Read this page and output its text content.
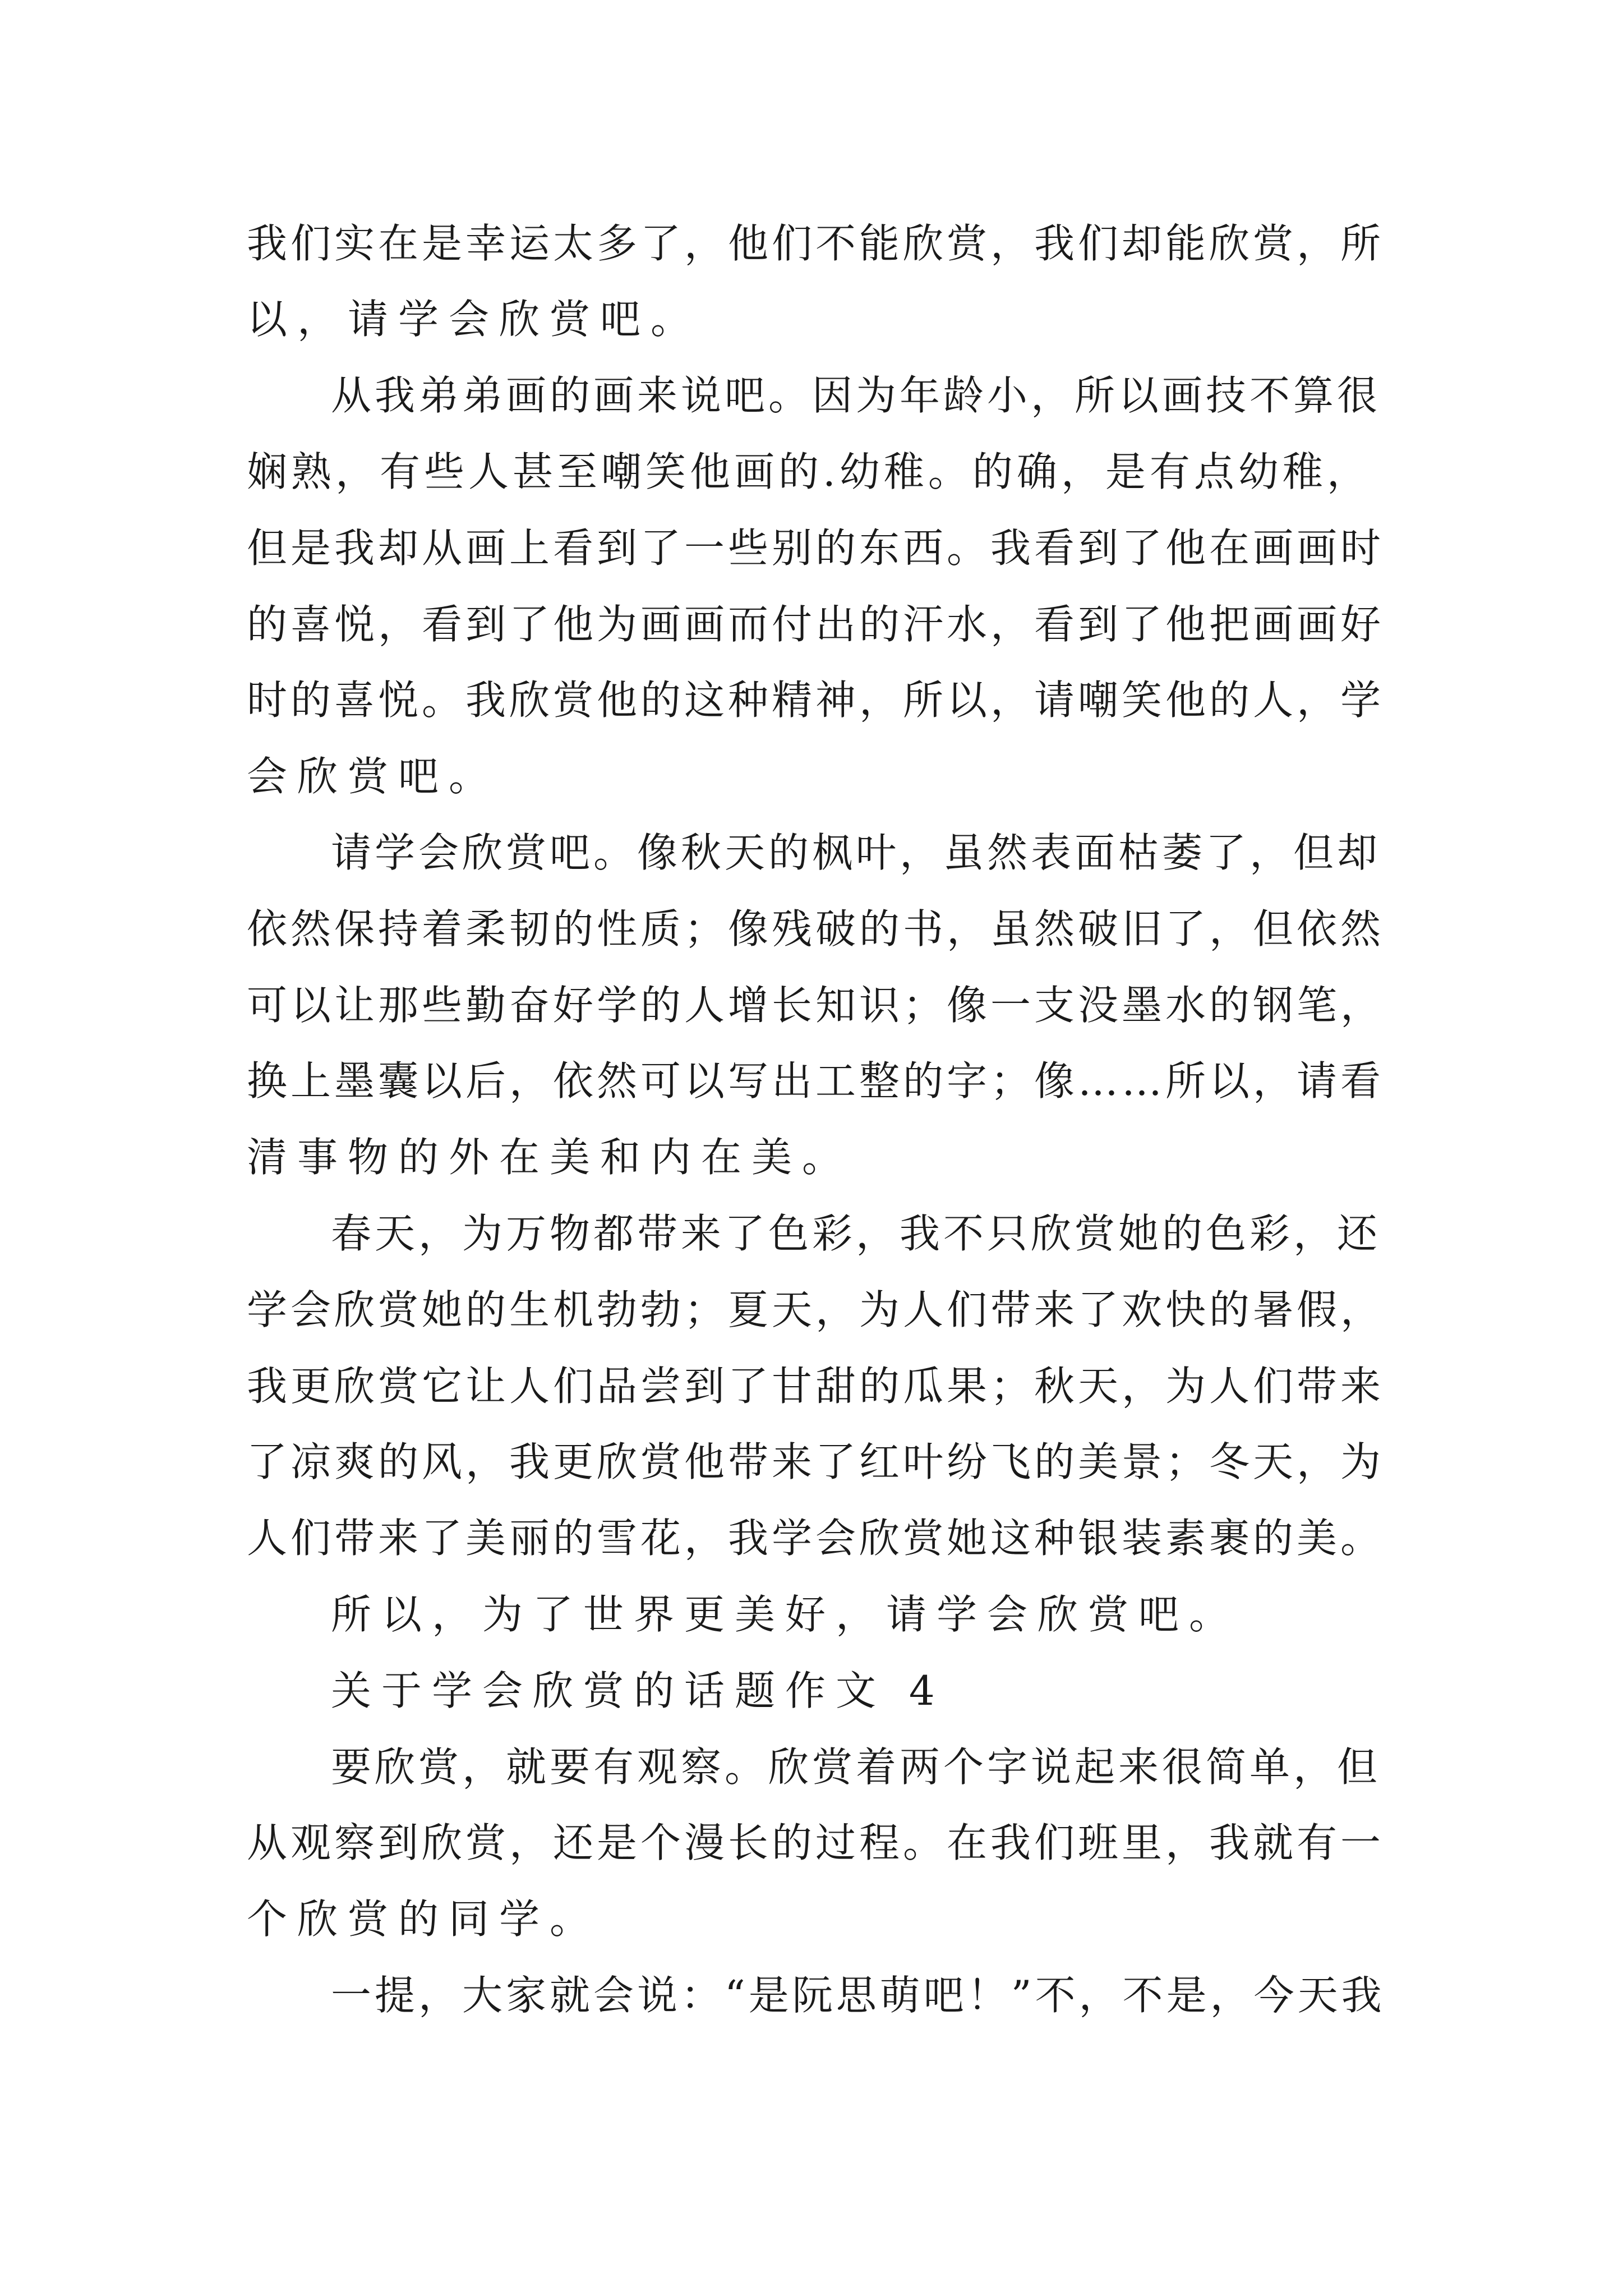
我们实在是幸运太多了，他们不能欣赏，我们却能欣赏，所
以，请学会欣赏吧。
从我弟弟画的画来说吧。因为年龄小，所以画技不算很
娴熟，有些人甚至嘲笑他画的.幼稚。的确，是有点幼稚，
但是我却从画上看到了一些别的东西。我看到了他在画画时
的喜悦，看到了他为画画而付出的汗水，看到了他把画画好
时的喜悦。我欣赏他的这种精神，所以，请嘲笑他的人，学
会欣赏吧。
请学会欣赏吧。像秋天的枫叶，虽然表面枯萎了，但却
依然保持着柔韧的性质；像残破的书，虽然破旧了，但依然
可以让那些勤奋好学的人增长知识；像一支没墨水的钢笔，
换上墨囊以后，依然可以写出工整的字；像……所以，请看
清事物的外在美和内在美。
春天，为万物都带来了色彩，我不只欣赏她的色彩，还
学会欣赏她的生机勃勃；夏天，为人们带来了欢快的暑假，
我更欣赏它让人们品尝到了甘甜的瓜果；秋天，为人们带来
了凉爽的风，我更欣赏他带来了红叶纷飞的美景；冬天，为
人们带来了美丽的雪花，我学会欣赏她这种银装素裹的美。
所以，为了世界更美好，请学会欣赏吧。
关于学会欣赏的话题作文 4
要欣赏，就要有观察。欣赏着两个字说起来很简单，但
从观察到欣赏，还是个漫长的过程。在我们班里，我就有一
个欣赏的同学。
一提，大家就会说：“是阮思萌吧！”不，不是，今天我
